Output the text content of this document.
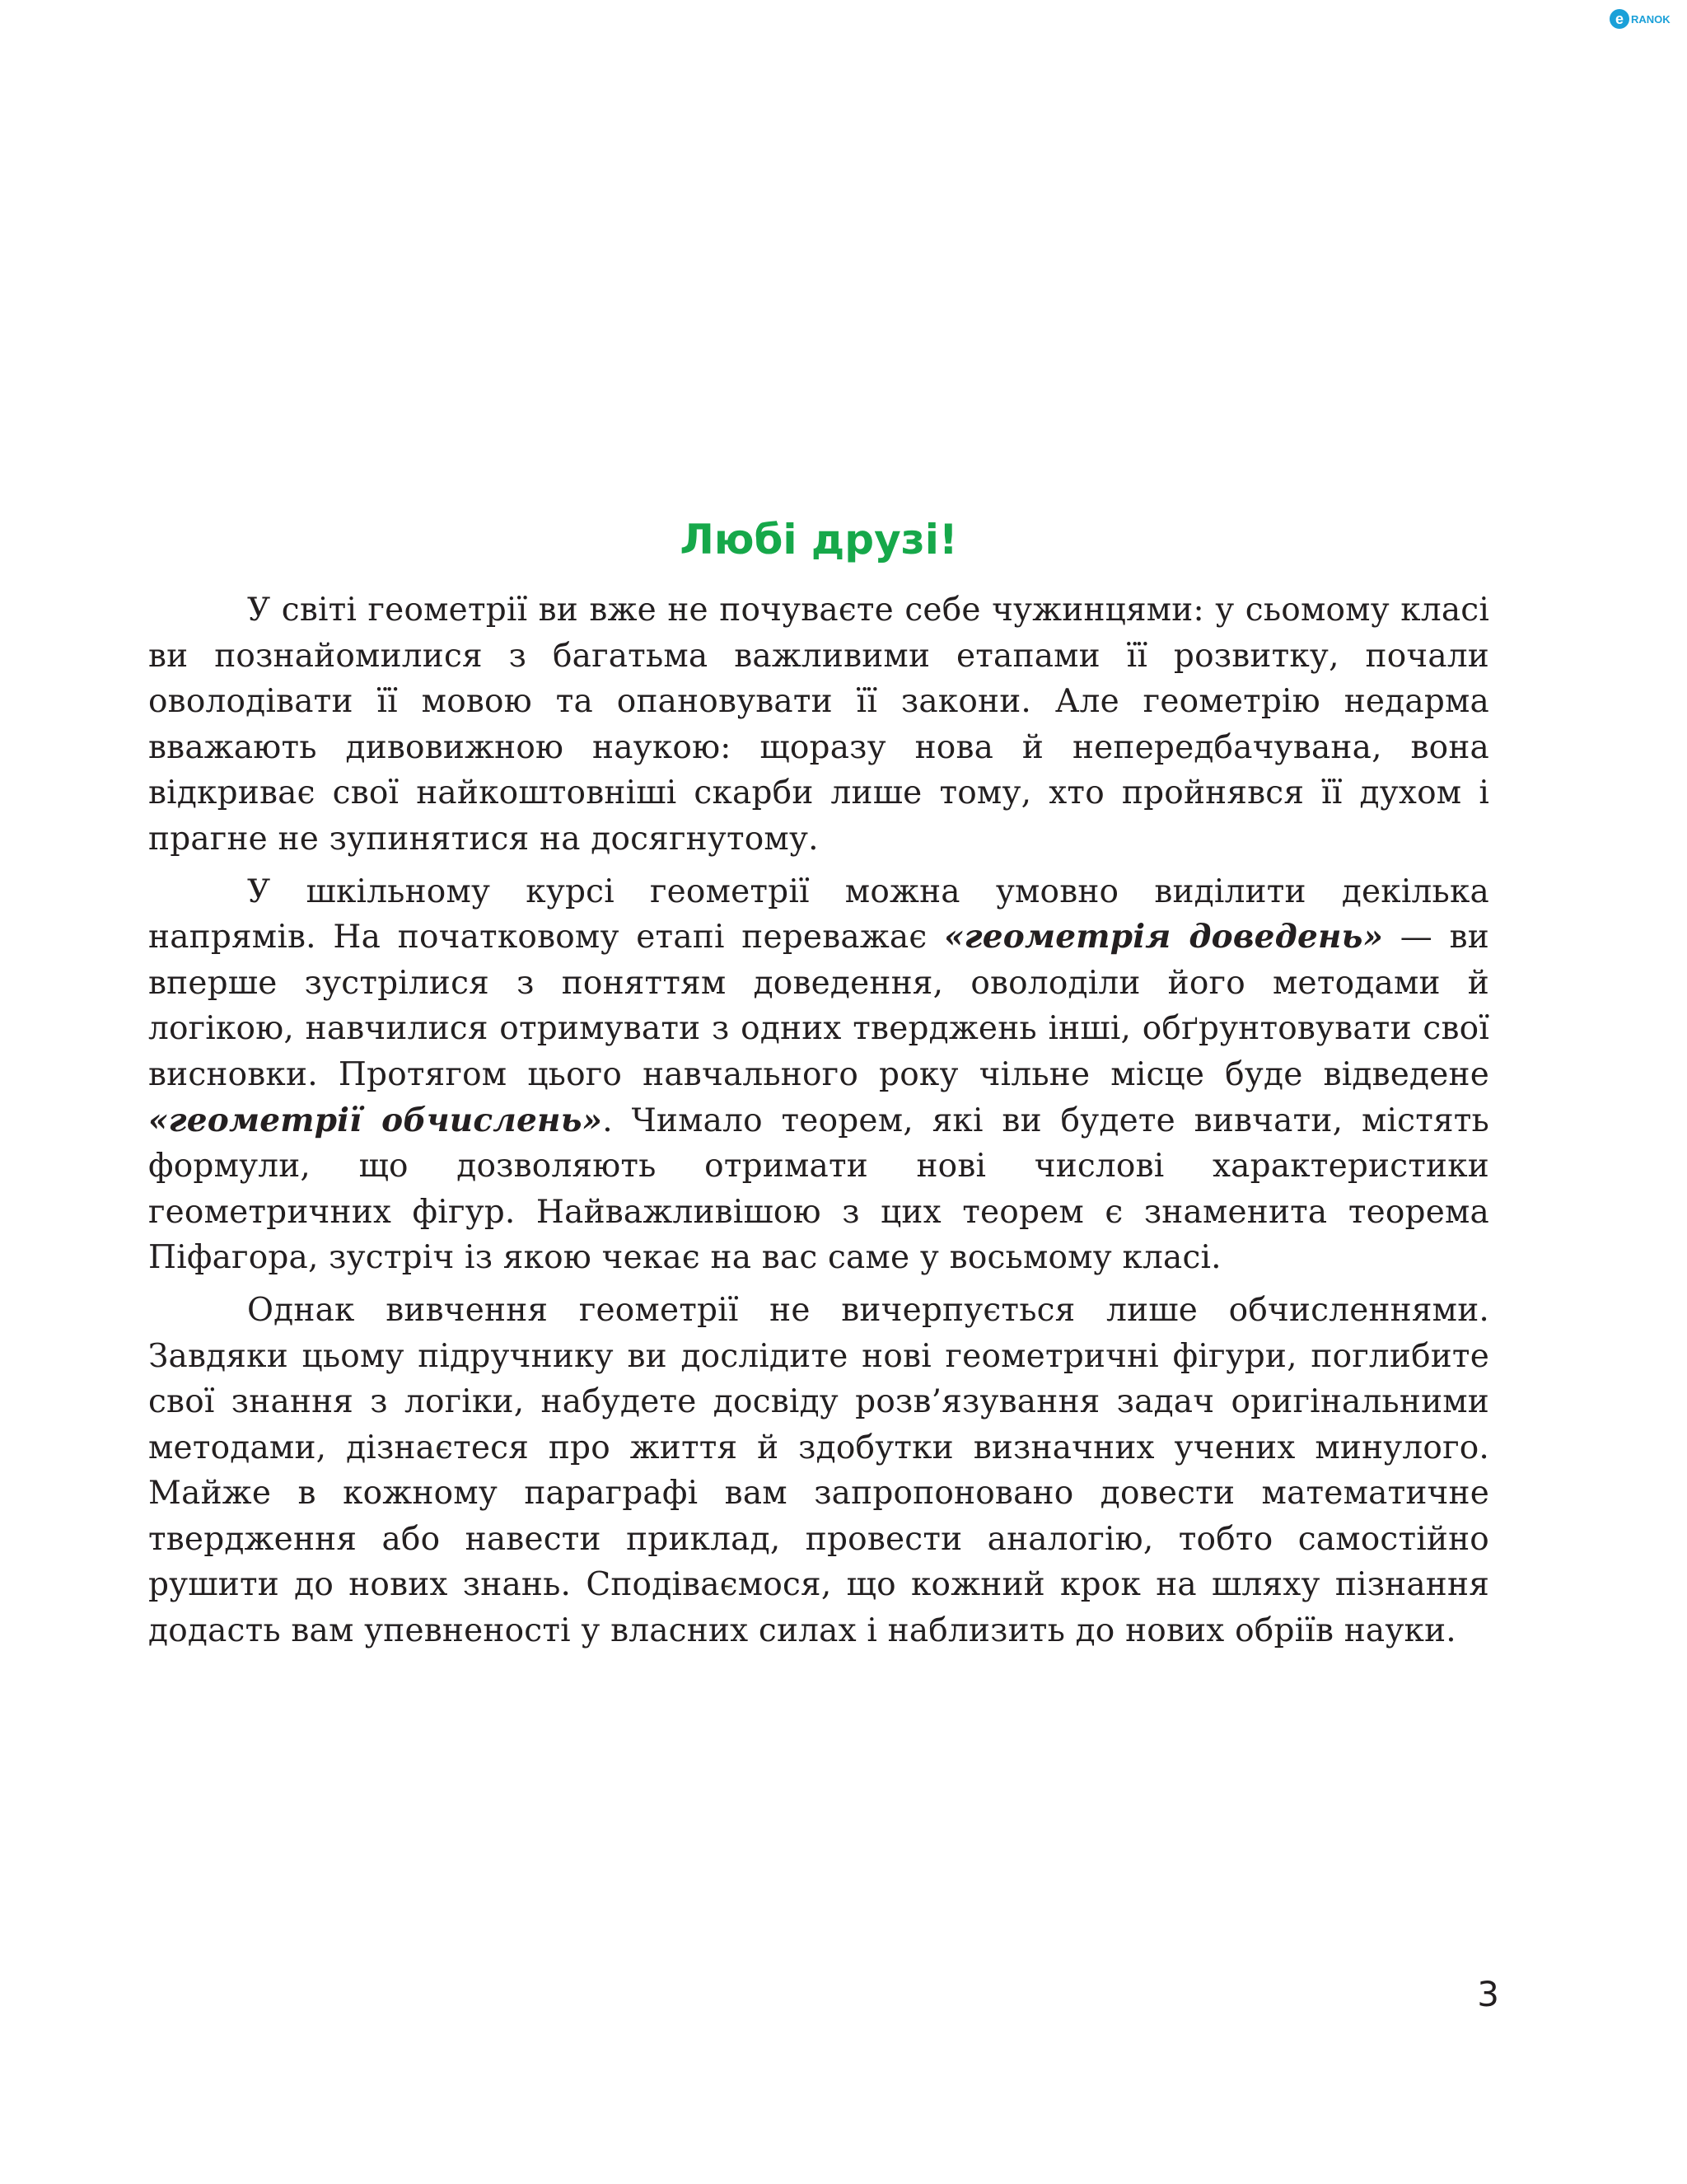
e RANOK
Любі друзі!

У світі геометрії ви вже не почуваєте себе чужинцями: у сьомому класі ви познайомилися з багатьма важливими етапами її розвитку, почали оволодівати її мовою та опановувати її закони. Але геометрію недарма вважають дивовижною наукою: щоразу нова й непередбачувана, вона відкриває свої найкоштовніші скарби лише тому, хто пройнявся її духом і прагне не зупинятися на досягнутому.

У шкільному курсі геометрії можна умовно виділити декілька напрямів. На початковому етапі переважає «геометрія доведень» — ви вперше зустрілися з поняттям доведення, оволоділи його методами й логікою, навчилися отримувати з одних тверджень інші, обґрунтовувати свої висновки. Протягом цього навчального року чільне місце буде відведене «геометрії обчислень». Чимало теорем, які ви будете вивчати, містять формули, що дозволяють отримати нові числові характеристики геометричних фігур. Найважливішою з цих теорем є знаменита теорема Піфагора, зустріч із якою чекає на вас саме у восьмому класі.

Однак вивчення геометрії не вичерпується лише обчисленнями. Завдяки цьому підручнику ви дослідите нові геометричні фігури, поглибите свої знання з логіки, набудете досвіду розв’язування задач оригінальними методами, дізнаєтеся про життя й здобутки визначних учених минулого. Майже в кожному параграфі вам запропоновано довести математичне твердження або навести приклад, провести аналогію, тобто самостійно рушити до нових знань. Сподіваємося, що кожний крок на шляху пізнання додасть вам упевненості у власних силах і наблизить до нових обріїв науки.

3
